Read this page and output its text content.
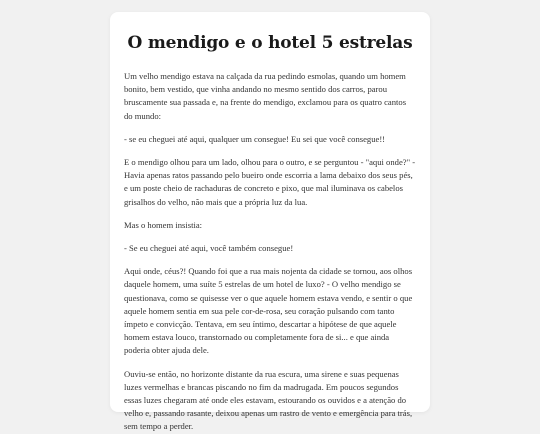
O mendigo e o hotel 5 estrelas

Um velho mendigo estava na calçada da rua pedindo esmolas, quando um homem bonito, bem vestido, que vinha andando no mesmo sentido dos carros, parou bruscamente sua passada e, na frente do mendigo, exclamou para os quatro cantos do mundo:

- se eu cheguei até aqui, qualquer um consegue! Eu sei que você consegue!!

E o mendigo olhou para um lado, olhou para o outro, e se perguntou - "aqui onde?" - Havia apenas ratos passando pelo bueiro onde escorria a lama debaixo dos seus pés, e um poste cheio de rachaduras de concreto e pixo, que mal iluminava os cabelos grisalhos do velho, não mais que a própria luz da lua.

Mas o homem insistia:

- Se eu cheguei até aqui, você também consegue!

Aqui onde, céus?! Quando foi que a rua mais nojenta da cidade se tornou, aos olhos daquele homem, uma suíte 5 estrelas de um hotel de luxo? - O velho mendigo se questionava, como se quisesse ver o que aquele homem estava vendo, e sentir o que aquele homem sentia em sua pele cor-de-rosa, seu coração pulsando com tanto ímpeto e convicção. Tentava, em seu íntimo, descartar a hipótese de que aquele homem estava louco, transtornado ou completamente fora de si... e que ainda poderia obter ajuda dele.

Ouviu-se então, no horizonte distante da rua escura, uma sirene e suas pequenas luzes vermelhas e brancas piscando no fim da madrugada. Em poucos segundos essas luzes chegaram até onde eles estavam, estourando os ouvidos e a atenção do velho e, passando rasante, deixou apenas um rastro de vento e emergência para trás, sem tempo a perder.
